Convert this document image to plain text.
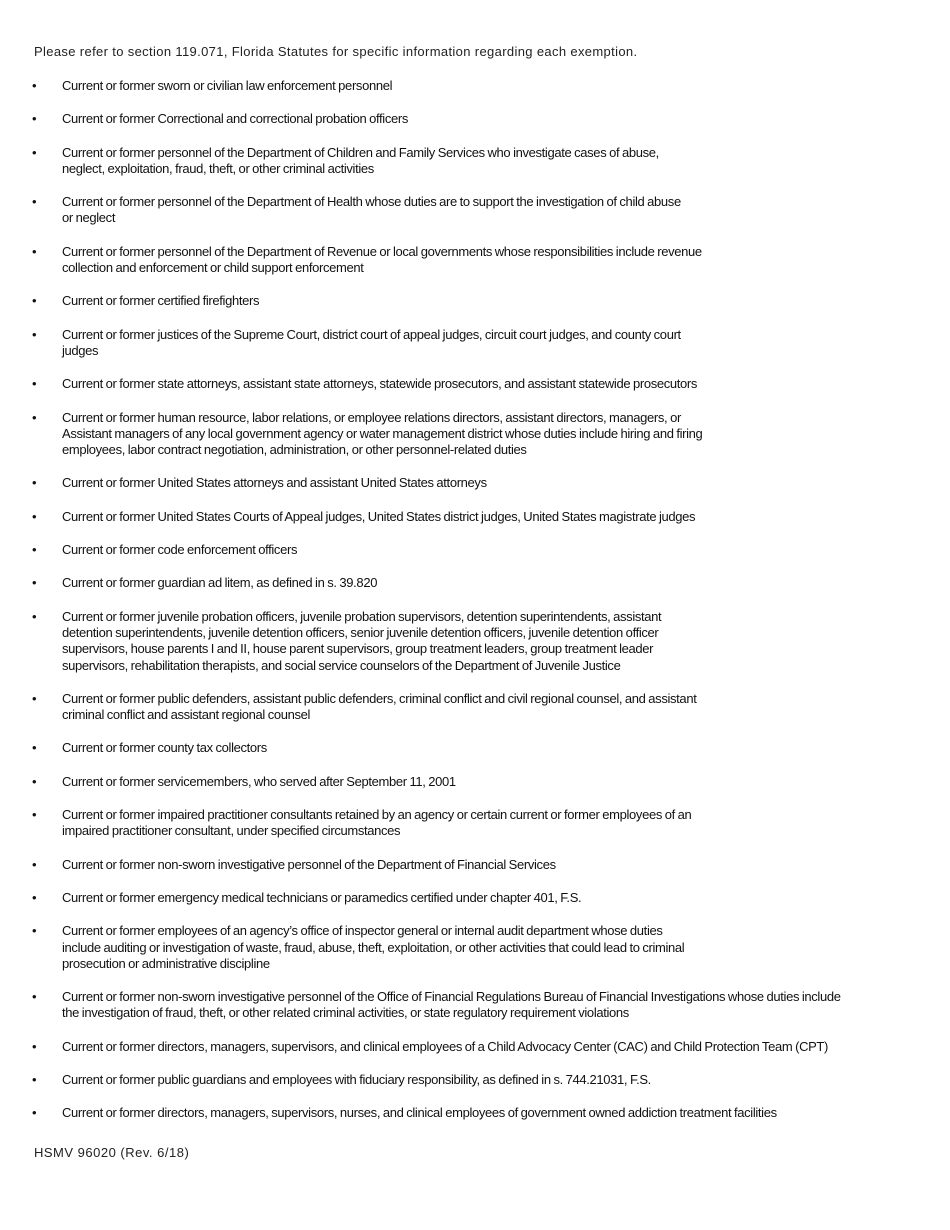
Please refer to section 119.071, Florida Statutes for specific information regarding each exemption.
•	Current or former sworn or civilian law enforcement personnel
•	Current or former Correctional and correctional probation officers
•	Current or former personnel of the Department of Children and Family Services who investigate cases of abuse,
neglect, exploitation, fraud, theft, or other criminal activities
•	Current or former personnel of the Department of Health whose duties are to support the investigation of child abuse
or neglect
•	Current or former personnel of the Department of Revenue or local governments whose responsibilities include revenue
collection and enforcement or child support enforcement
•	Current or former certified firefighters
•	Current or former justices of the Supreme Court, district court of appeal judges, circuit court judges, and county court
judges
•	Current or former state attorneys, assistant state attorneys, statewide prosecutors, and assistant statewide prosecutors
•	Current or former human resource, labor relations, or employee relations directors, assistant directors, managers, or
Assistant managers of any local government agency or water management district whose duties include hiring and firing
employees, labor contract negotiation, administration, or other personnel-related duties
•	Current or former United States attorneys and assistant United States attorneys
•	Current or former United States Courts of Appeal judges, United States district judges, United States magistrate judges
•	Current or former code enforcement officers
•	Current or former guardian ad litem, as defined in s. 39.820
•	Current or former juvenile probation officers, juvenile probation supervisors, detention superintendents, assistant
detention superintendents, juvenile detention officers, senior juvenile detention officers, juvenile detention officer
supervisors, house parents I and II, house parent supervisors, group treatment leaders, group treatment leader
supervisors, rehabilitation therapists, and social service counselors of the Department of Juvenile Justice
•	Current or former public defenders, assistant public defenders, criminal conflict and civil regional counsel, and assistant
criminal conflict and assistant regional counsel
•	Current or former county tax collectors
•	Current or former servicemembers, who served after September 11, 2001
•	Current or former impaired practitioner consultants retained by an agency or certain current or former employees of an
impaired practitioner consultant, under specified circumstances
•	Current or former non-sworn investigative personnel of the Department of Financial Services
•	Current or former emergency medical technicians or paramedics certified under chapter 401, F.S.
•	Current or former employees of an agency’s office of inspector general or internal audit department whose duties
include auditing or investigation of waste, fraud, abuse, theft, exploitation, or other activities that could lead to criminal
prosecution or administrative discipline
•	Current or former non-sworn investigative personnel of the Office of Financial Regulations Bureau of Financial Investigations whose duties include
the investigation of fraud, theft, or other related criminal activities, or state regulatory requirement violations
•	Current or former directors, managers, supervisors, and clinical employees of a Child Advocacy Center (CAC) and Child Protection Team (CPT)
•	Current or former public guardians and employees with fiduciary responsibility, as defined in s. 744.21031, F.S.
•	Current or former directors, managers, supervisors, nurses, and clinical employees of government owned addiction treatment facilities
HSMV 96020 (Rev. 6/18)
